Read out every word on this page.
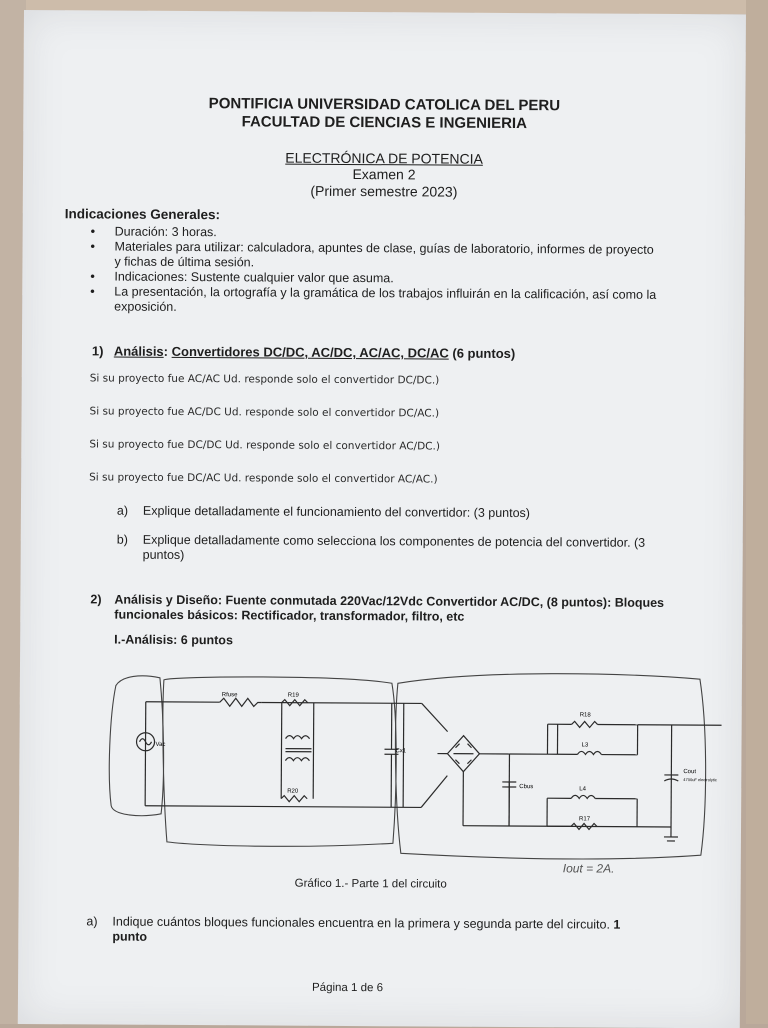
PONTIFICIA UNIVERSIDAD CATOLICA DEL PERU

FACULTAD DE CIENCIAS E INGENIERIA

ELECTRÓNICA DE POTENCIA

Examen 2

(Primer semestre 2023)

Indicaciones Generales:

• Duración: 3 horas.
• Materiales para utilizar: calculadora, apuntes de clase, guías de laboratorio, informes de proyecto y fichas de última sesión.
• Indicaciones: Sustente cualquier valor que asuma.
• La presentación, la ortografía y la gramática de los trabajos influirán en la calificación, así como la exposición.

1) Análisis: Convertidores DC/DC, AC/DC, AC/AC, DC/AC (6 puntos)

Si su proyecto fue AC/AC Ud. responde solo el convertidor DC/DC.)

Si su proyecto fue AC/DC Ud. responde solo el convertidor DC/AC.)

Si su proyecto fue DC/DC Ud. responde solo el convertidor AC/DC.)

Si su proyecto fue DC/AC Ud. responde solo el convertidor AC/AC.)

a) Explique detalladamente el funcionamiento del convertidor: (3 puntos)

b) Explique detalladamente como selecciona los componentes de potencia del convertidor. (3 puntos)

2) Análisis y Diseño: Fuente conmutada 220Vac/12Vdc Convertidor AC/DC, (8 puntos): Bloques funcionales básicos: Rectificador, transformador, filtro, etc

I.-Análisis: 6 puntos

Rfuse	R19
R20
Vac
Cx1
Cbus
R18
L3
L4
R17
Cout
4700uF electrolytic
Iout = 2A.

Gráfico 1.- Parte 1 del circuito

a) Indique cuántos bloques funcionales encuentra en la primera y segunda parte del circuito. 1 punto

Página 1 de 6
